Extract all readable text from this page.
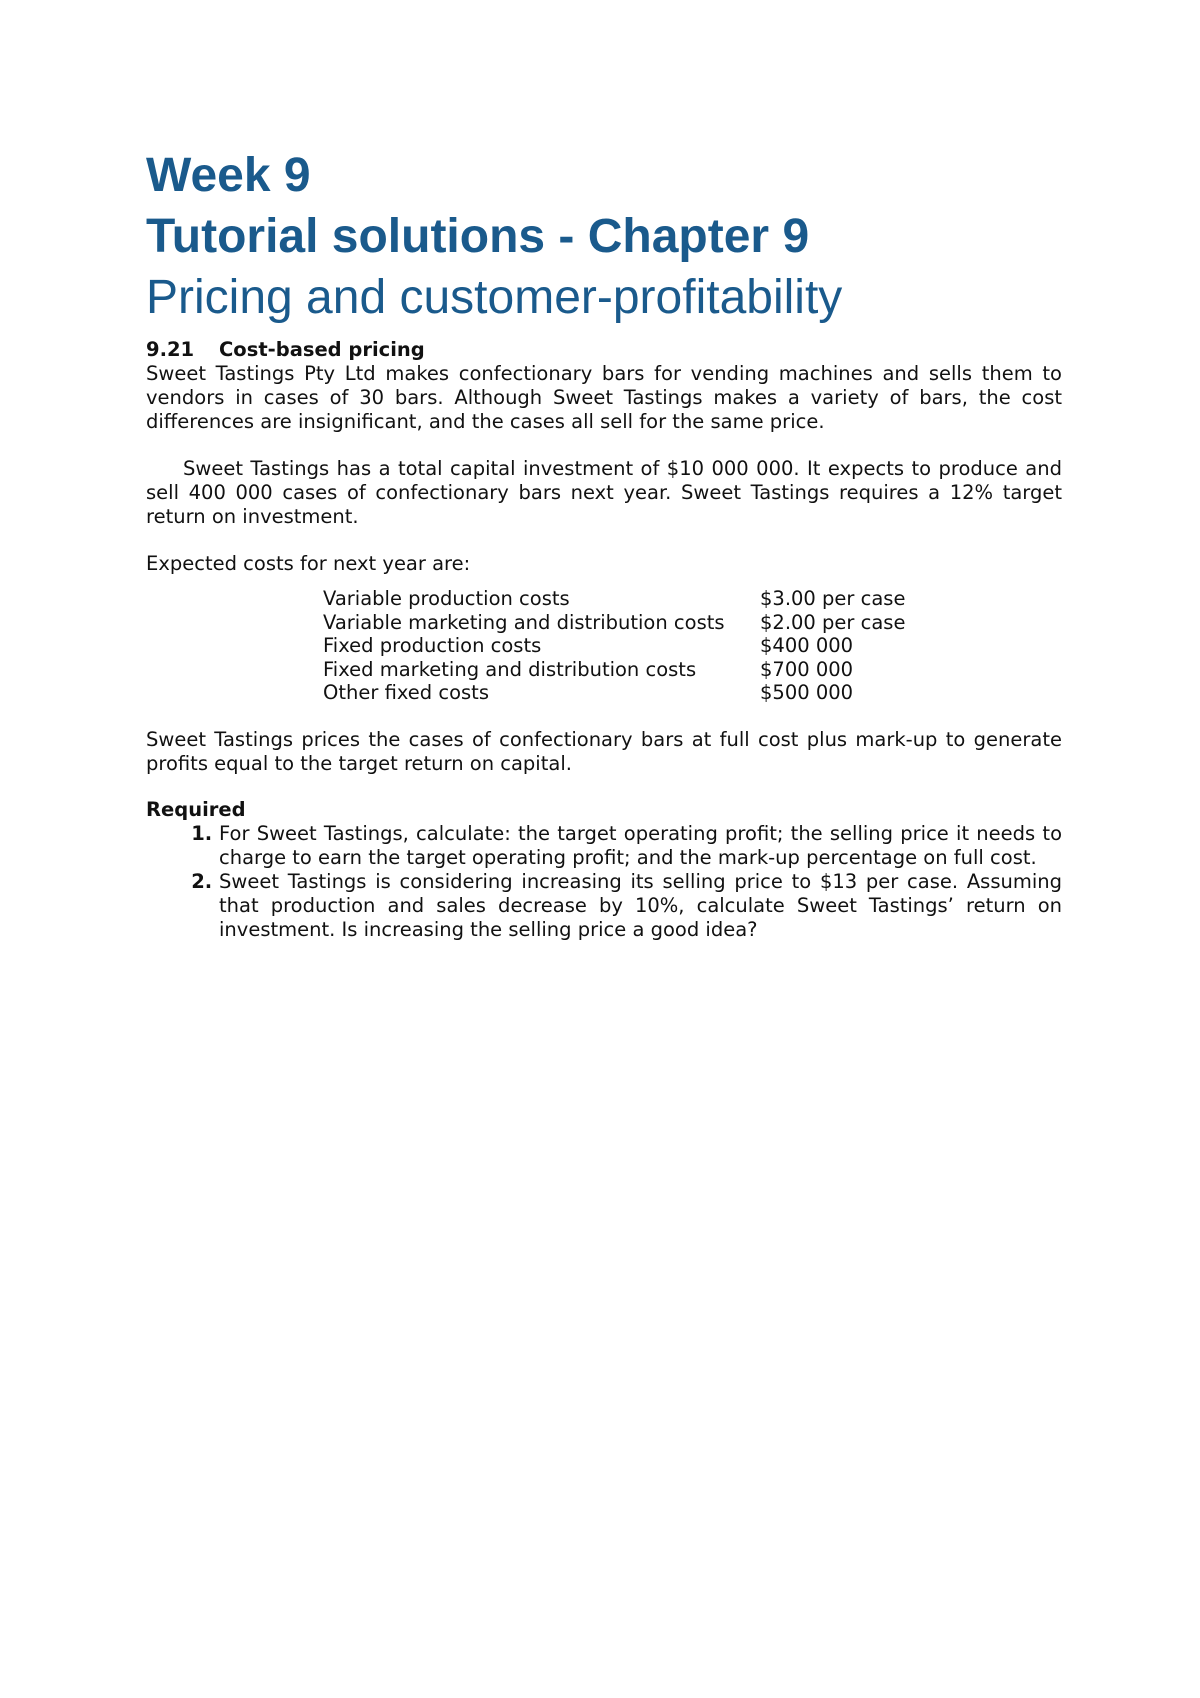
Week 9
Tutorial solutions - Chapter 9
Pricing and customer-profitability
9.21 Cost-based pricing

Sweet Tastings Pty Ltd makes confectionary bars for vending machines and sells them to vendors in cases of 30 bars. Although Sweet Tastings makes a variety of bars, the cost differences are insignificant, and the cases all sell for the same price.

Sweet Tastings has a total capital investment of $10 000 000. It expects to produce and sell 400 000 cases of confectionary bars next year. Sweet Tastings requires a 12% target return on investment.

Expected costs for next year are:

Variable production costs	$3.00 per case
Variable marketing and distribution costs	$2.00 per case
Fixed production costs	$400 000
Fixed marketing and distribution costs	$700 000
Other fixed costs	$500 000

Sweet Tastings prices the cases of confectionary bars at full cost plus mark-up to generate profits equal to the target return on capital.

Required
1. For Sweet Tastings, calculate: the target operating profit; the selling price it needs to charge to earn the target operating profit; and the mark-up percentage on full cost.
2. Sweet Tastings is considering increasing its selling price to $13 per case. Assuming that production and sales decrease by 10%, calculate Sweet Tastings’ return on investment. Is increasing the selling price a good idea?
